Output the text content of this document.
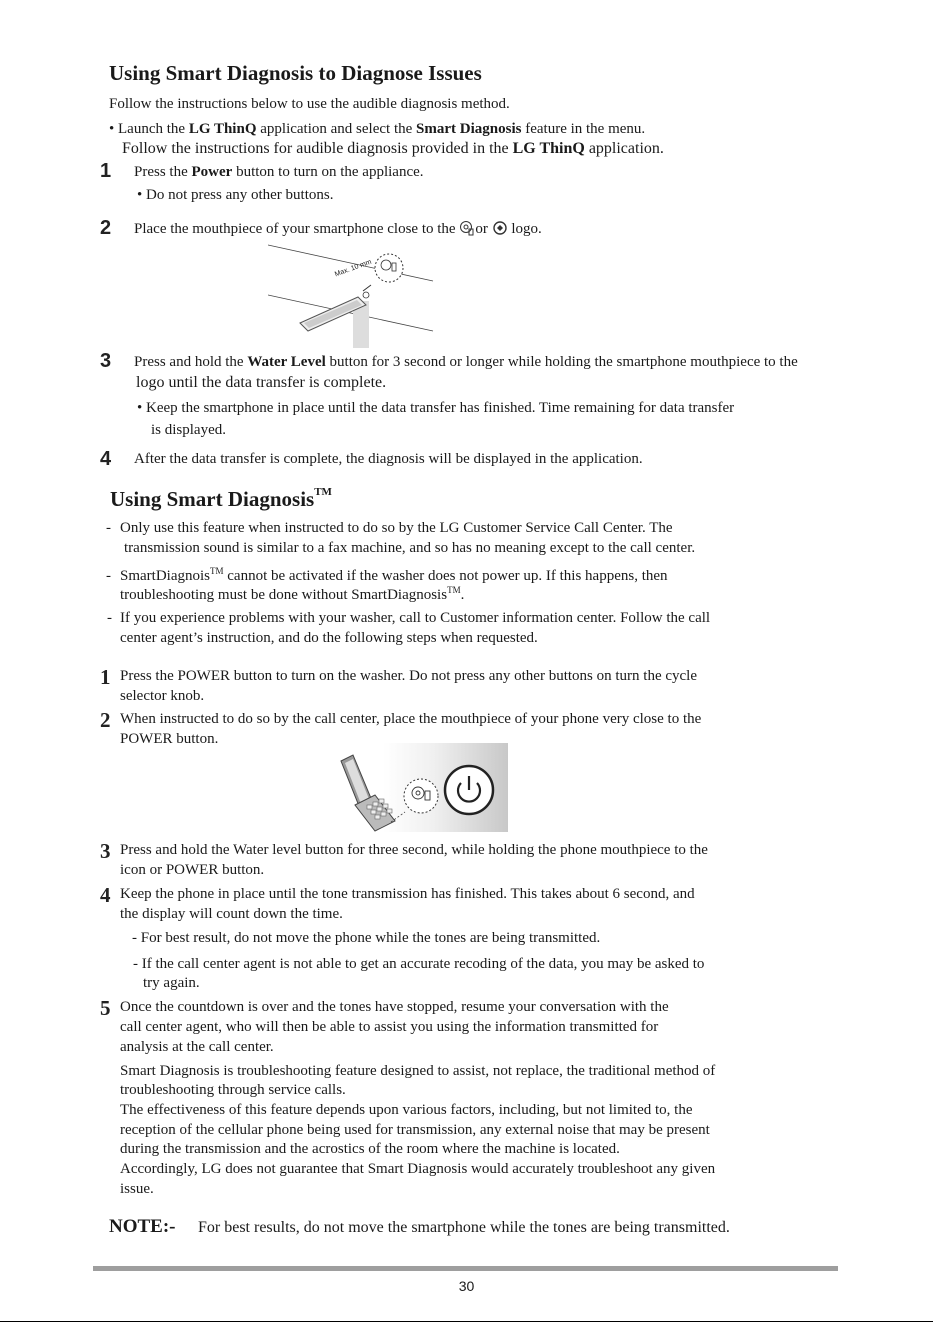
Using Smart Diagnosis to Diagnose Issues
Follow the instructions below to use the audible diagnosis method.
• Launch the LG ThinQ application and select the Smart Diagnosis feature in the menu.
Follow the instructions for audible diagnosis provided in the LG ThinQ application.
1 Press the Power button to turn on the appliance.
• Do not press any other buttons.
2 Place the mouthpiece of your smartphone close to the
or
logo.
Max. 10 mm
3 Press and hold the Water Level button for 3 second or longer while holding the smartphone mouthpiece to the
logo until the data transfer is complete.
• Keep the smartphone in place until the data transfer has finished. Time remaining for data transfer
is displayed.
4 After the data transfer is complete, the diagnosis will be displayed in the application.
Using Smart Diagnosis™
- Only use this feature when instructed to do so by the LG Customer Service Call Center. The
transmission sound is similar to a fax machine, and so has no meaning except to the call center.
- SmartDiagnois™ cannot be activated if the washer does not power up. If this happens, then
troubleshooting must be done without SmartDiagnosis™.
- If you experience problems with your washer, call to Customer information center. Follow the call
center agent’s instruction, and do the following steps when requested.
1 Press the POWER button to turn on the washer. Do not press any other buttons on turn the cycle
selector knob.
2 When instructed to do so by the call center, place the mouthpiece of your phone very close to the
POWER button.
3 Press and hold the Water level button for three second, while holding the phone mouthpiece to the
icon or POWER button.
4 Keep the phone in place until the tone transmission has finished. This takes about 6 second, and
the display will count down the time.
- For best result, do not move the phone while the tones are being transmitted.
- If the call center agent is not able to get an accurate recoding of the data, you may be asked to
try again.
5 Once the countdown is over and the tones have stopped, resume your conversation with the
call center agent, who will then be able to assist you using the information transmitted for
analysis at the call center.
Smart Diagnosis is troubleshooting feature designed to assist, not replace, the traditional method of
troubleshooting through service calls.
The effectiveness of this feature depends upon various factors, including, but not limited to, the
reception of the cellular phone being used for transmission, any external noise that may be present
during the transmission and the acrostics of the room where the machine is located.
Accordingly, LG does not guarantee that Smart Diagnosis would accurately troubleshoot any given
issue.
NOTE:- For best results, do not move the smartphone while the tones are being transmitted.
30
